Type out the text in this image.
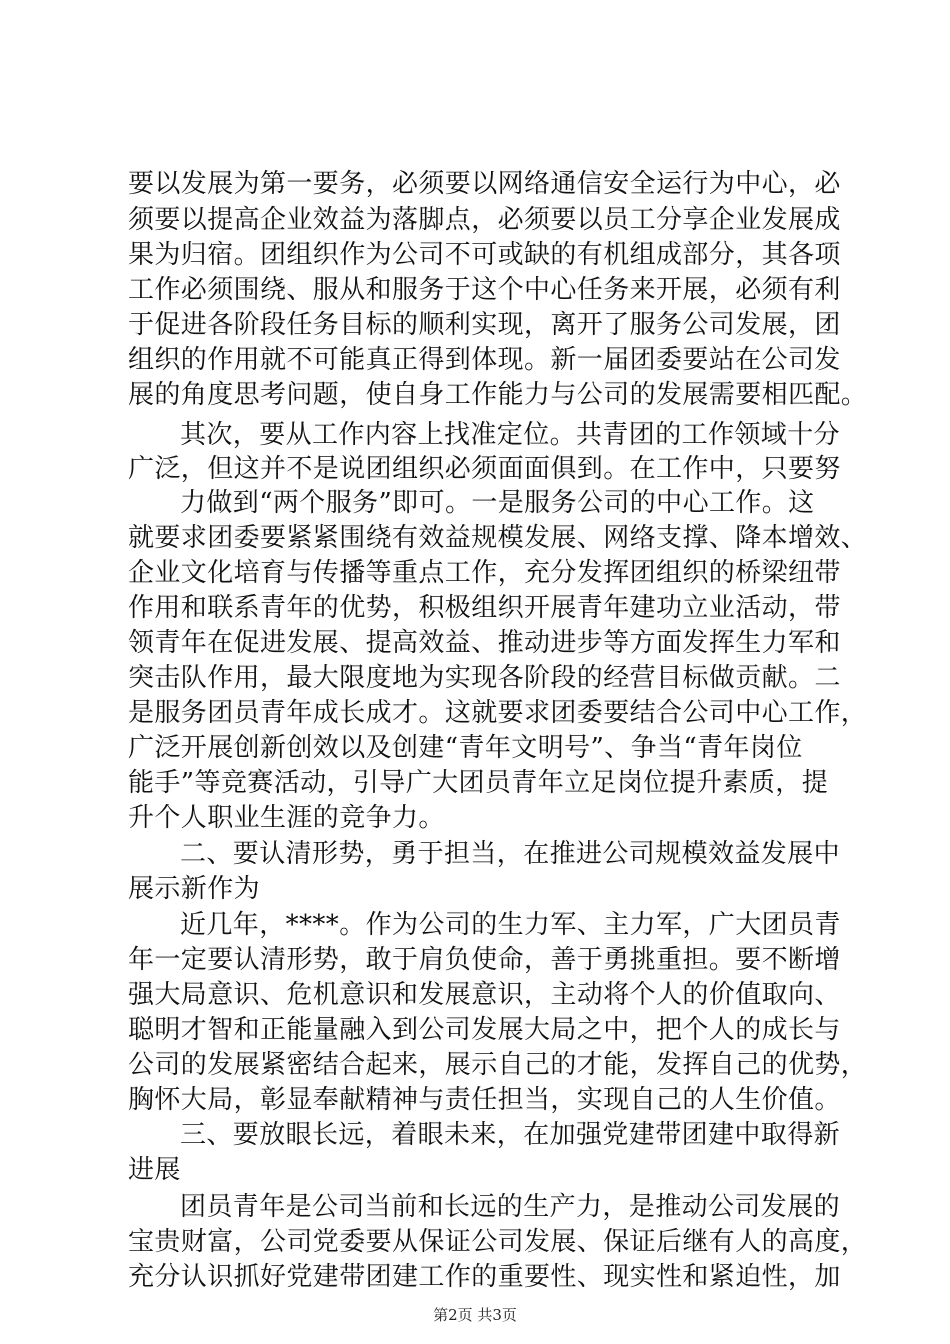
要以发展为第一要务，必须要以网络通信安全运行为中心，必
须要以提高企业效益为落脚点，必须要以员工分享企业发展成
果为归宿。团组织作为公司不可或缺的有机组成部分，其各项
工作必须围绕、服从和服务于这个中心任务来开展，必须有利
于促进各阶段任务目标的顺利实现，离开了服务公司发展，团
组织的作用就不可能真正得到体现。新一届团委要站在公司发
展的角度思考问题，使自身工作能力与公司的发展需要相匹配。
其次，要从工作内容上找准定位。共青团的工作领域十分
广泛，但这并不是说团组织必须面面俱到。在工作中，只要努
力做到“两个服务”即可。一是服务公司的中心工作。这
就要求团委要紧紧围绕有效益规模发展、网络支撑、降本增效、
企业文化培育与传播等重点工作，充分发挥团组织的桥梁纽带
作用和联系青年的优势，积极组织开展青年建功立业活动，带
领青年在促进发展、提高效益、推动进步等方面发挥生力军和
突击队作用，最大限度地为实现各阶段的经营目标做贡献。二
是服务团员青年成长成才。这就要求团委要结合公司中心工作，
广泛开展创新创效以及创建“青年文明号”、争当“青年岗位
能手”等竞赛活动，引导广大团员青年立足岗位提升素质，提
升个人职业生涯的竞争力。
二、要认清形势，勇于担当，在推进公司规模效益发展中
展示新作为
近几年，****。作为公司的生力军、主力军，广大团员青
年一定要认清形势，敢于肩负使命，善于勇挑重担。要不断增
强大局意识、危机意识和发展意识，主动将个人的价值取向、
聪明才智和正能量融入到公司发展大局之中，把个人的成长与
公司的发展紧密结合起来，展示自己的才能，发挥自己的优势，
胸怀大局，彰显奉献精神与责任担当，实现自己的人生价值。
三、要放眼长远，着眼未来，在加强党建带团建中取得新
进展
团员青年是公司当前和长远的生产力，是推动公司发展的
宝贵财富，公司党委要从保证公司发展、保证后继有人的高度，
充分认识抓好党建带团建工作的重要性、现实性和紧迫性，加
第2页 共3页
